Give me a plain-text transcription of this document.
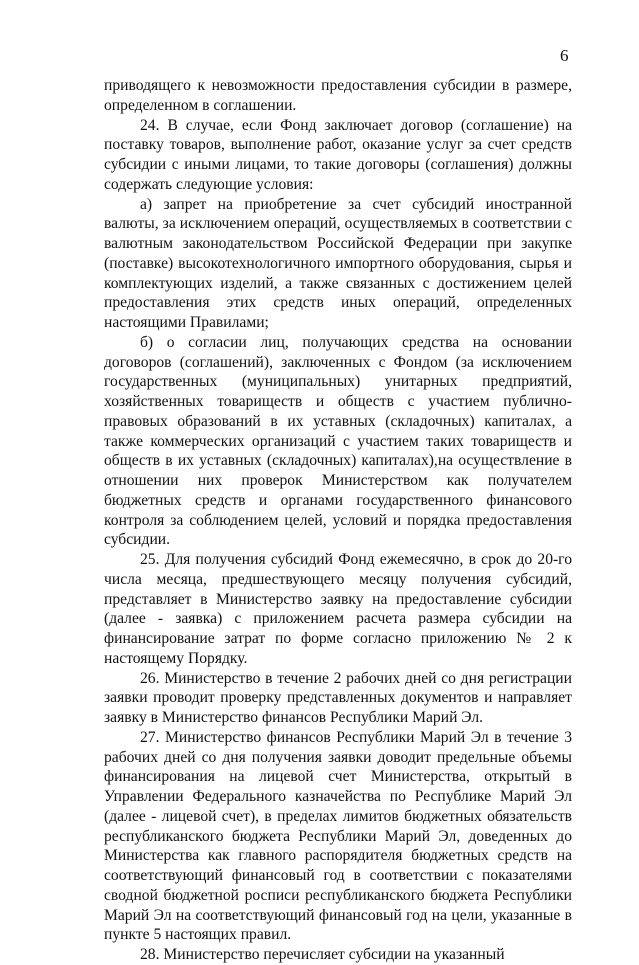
6

приводящего к невозможности предоставления субсидии в размере, определенном в соглашении.

24. В случае, если Фонд заключает договор (соглашение) на поставку товаров, выполнение работ, оказание услуг за счет средств субсидии с иными лицами, то такие договоры (соглашения) должны содержать следующие условия:

а) запрет на приобретение за счет субсидий иностранной валюты, за исключением операций, осуществляемых в соответствии с валютным законодательством Российской Федерации при закупке (поставке) высокотехнологичного импортного оборудования, сырья и комплектующих изделий, а также связанных с достижением целей предоставления этих средств иных операций, определенных настоящими Правилами;

б) о согласии лиц, получающих средства на основании договоров (соглашений), заключенных с Фондом (за исключением государственных (муниципальных) унитарных предприятий, хозяйственных товариществ и обществ с участием публично-правовых образований в их уставных (складочных) капиталах, а также коммерческих организаций с участием таких товариществ и обществ в их уставных (складочных) капиталах),на осуществление в отношении них проверок Министерством как получателем бюджетных средств и органами государственного финансового контроля за соблюдением целей, условий и порядка предоставления субсидии.

25. Для получения субсидий Фонд ежемесячно, в срок до 20-го числа месяца, предшествующего месяцу получения субсидий, представляет в Министерство заявку на предоставление субсидии (далее - заявка) с приложением расчета размера субсидии на финансирование затрат по форме согласно приложению № 2 к настоящему Порядку.

26. Министерство в течение 2 рабочих дней со дня регистрации заявки проводит проверку представленных документов и направляет заявку в Министерство финансов Республики Марий Эл.

27. Министерство финансов Республики Марий Эл в течение 3 рабочих дней со дня получения заявки доводит предельные объемы финансирования на лицевой счет Министерства, открытый в Управлении Федерального казначейства по Республике Марий Эл (далее - лицевой счет), в пределах лимитов бюджетных обязательств республиканского бюджета Республики Марий Эл, доведенных до Министерства как главного распорядителя бюджетных средств на соответствующий финансовый год в соответствии с показателями сводной бюджетной росписи республиканского бюджета Республики Марий Эл на соответствующий финансовый год на цели, указанные в пункте 5 настоящих правил.

28. Министерство перечисляет субсидии на указанный
